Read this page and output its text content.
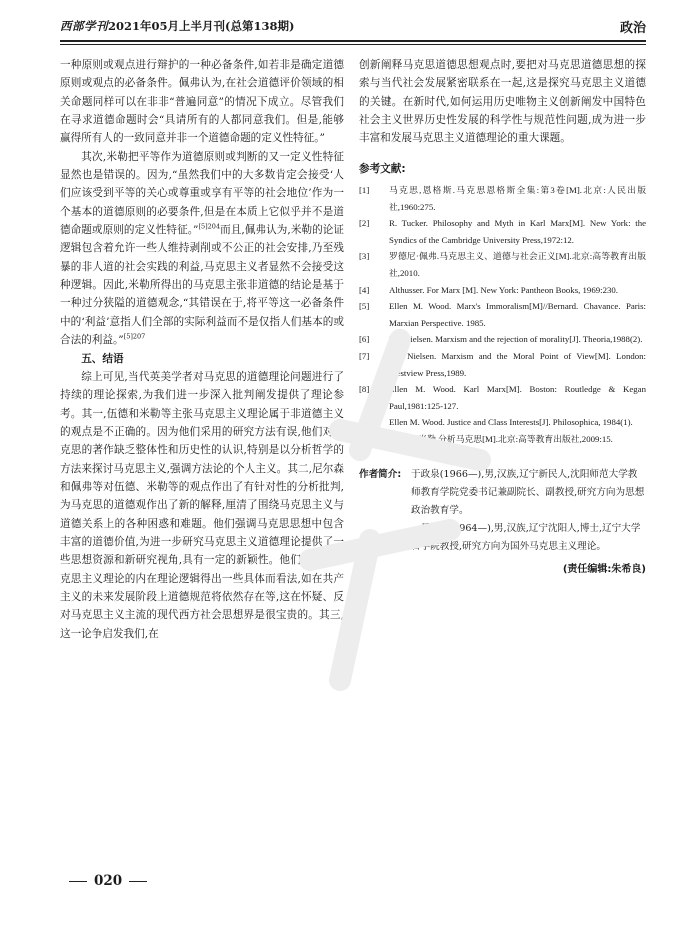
西部学刊2021年05月上半月刊(总第138期)	政治

一种原则或观点进行辩护的一种必备条件,如若非是确定道德原则或观点的必备条件。佩弗认为,在社会道德评价领域的相关命题同样可以在非非“普遍同意”的情况下成立。尽管我们在寻求道德命题时会“具请所有的人都同意我们。但是,能够赢得所有人的一致同意并非一个道德命题的定义性特征。”

其次,米勒把平等作为道德原则或判断的又一定义性特征显然也是错误的。因为,“虽然我们中的大多数肯定会接受‘人们应该受到平等的关心或尊重或享有平等的社会地位’作为一个基本的道德原则的必要条件,但是在本质上它似乎并不是道德命题或原则的定义性特征。”$^{[5]204}$而且,佩弗认为,米勒的论证逻辑包含着允许一些人维持剥削或不公正的社会安排,乃至残暴的非人道的社会实践的利益,马克思主义者显然不会接受这种逻辑。因此,米勒所得出的马克思主张非道德的结论是基于一种过分狭隘的道德观念,“其错误在于,将平等这一必备条件中的‘利益’意指人们全部的实际利益而不是仅指人们基本的或合法的利益。”$^{[5]207}$

五、结语

综上可见,当代英美学者对马克思的道德理论问题进行了持续的理论探索,为我们进一步深入批判阐发提供了理论参考。其一,伍德和米勒等主张马克思主义理论属于非道德主义的观点是不正确的。因为他们采用的研究方法有误,他们对马克思的著作缺乏整体性和历史性的认识,特别是以分析哲学的方法来探讨马克思主义,强调方法论的个人主义。其二,尼尔森和佩弗等对伍德、米勒等的观点作出了有针对性的分析批判,为马克思的道德观作出了新的解释,厘清了围绕马克思主义与道德关系上的各种困惑和难题。他们强调马克思思想中包含丰富的道德价值,为进一步研究马克思主义道德理论提供了一些思想资源和新研究视角,具有一定的新颖性。他们还循着马克思主义理论的内在理论逻辑得出一些具体而看法,如在共产主义的未来发展阶段上道德规范将依然存在等,这在怀疑、反对马克思主义主流的现代西方社会思想界是很宝贵的。其三,这一论争启发我们,在

创新阐释马克思道德思想观点时,要把对马克思道德思想的探索与当代社会发展紧密联系在一起,这是探究马克思主义道德的关键。在新时代,如何运用历史唯物主义创新阐发中国特色社会主义世界历史性发展的科学性与规范性问题,成为进一步丰富和发展马克思主义道德理论的重大课题。

参考文献:
[1] 马克思,恩格斯.马克思恩格斯全集:第3卷[M].北京:人民出版社,1960:275.
[2] R. Tucker. Philosophy and Myth in Karl Marx[M]. New York: the Syndics of the Cambridge University Press,1972:12.
[3] 罗德尼·佩弗.马克思主义、道德与社会正义[M].北京:高等教育出版社,2010.
[4] Althusser. For Marx [M]. New York: Pantheon Books, 1969:230.
[5] Ellen M. Wood. Marx's Immoralism[M]//Bernard. Chavance. Paris: Marxian Perspective. 1985.
[6] Kai Nielsen. Marxism and the rejection of morality[J]. Theoria,1988(2).
[7] Kai Nielsen. Marxism and the Moral Point of View[M]. London: Westview Press,1989.
[8] Ellen M. Wood. Karl Marx[M]. Boston: Routledge & Kegan Paul,1981:125-127.
[9] Ellen M. Wood. Justice and Class Interests[J]. Philosophica, 1984(1).
[10] 理查德·米勒.分析马克思[M].北京:高等教育出版社,2009:15.
作者简介: 于政泉(1966—),男,汉族,辽宁新民人,沈阳师范大学教师教育学院党委书记兼副院长、副教授,研究方向为思想政治教育学。
吕梁山(1964—),男,汉族,辽宁沈阳人,博士,辽宁大学哲学院教授,研究方向为国外马克思主义理论。
(责任编辑:朱希良)
020
